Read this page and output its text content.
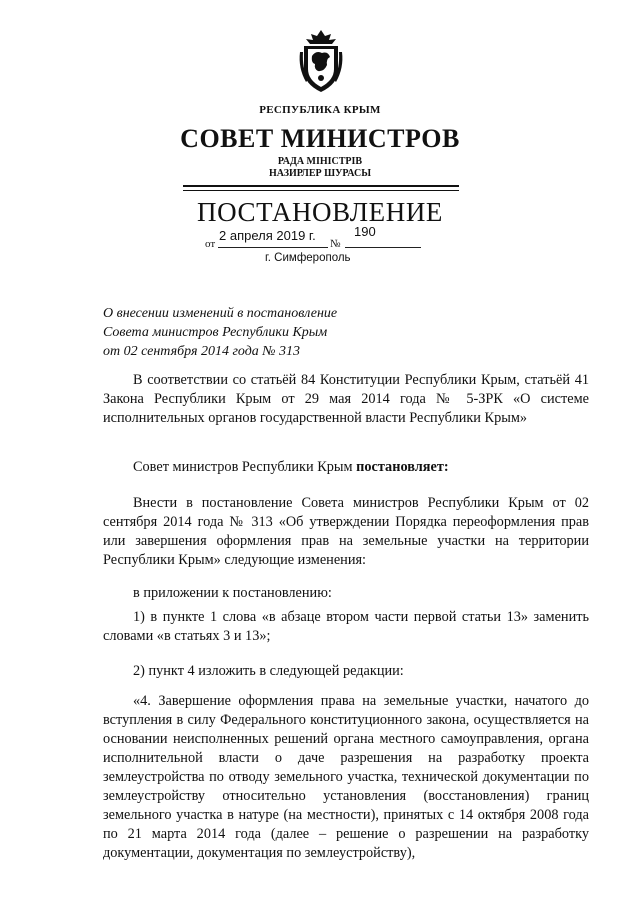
РЕСПУБЛИКА КРЫМ
СОВЕТ МИНИСТРОВ
РАДА МІНІСТРІВ
НАЗИРЛЕР ШУРАСЫ
ПОСТАНОВЛЕНИЕ
от
2 апреля 2019 г.
№
190
г. Симферополь
О внесении изменений в постановление
Совета министров Республики Крым
от 02 сентября 2014 года № 313
В соответствии со статьёй 84 Конституции Республики Крым, статьёй 41 Закона Республики Крым от 29 мая 2014 года № 5-ЗРК «О системе исполнительных органов государственной власти Республики Крым»
Совет министров Республики Крым постановляет:
Внести в постановление Совета министров Республики Крым от 02 сентября 2014 года № 313 «Об утверждении Порядка переоформления прав или завершения оформления прав на земельные участки на территории Республики Крым» следующие изменения:
в приложении к постановлению:
1) в пункте 1 слова «в абзаце втором части первой статьи 13» заменить словами «в статьях 3 и 13»;
2) пункт 4 изложить в следующей редакции:
«4. Завершение оформления права на земельные участки, начатого до вступления в силу Федерального конституционного закона, осуществляется на основании неисполненных решений органа местного самоуправления, органа исполнительной власти о даче разрешения на разработку проекта землеустройства по отводу земельного участка, технической документации по землеустройству относительно установления (восстановления) границ земельного участка в натуре (на местности), принятых с 14 октября 2008 года по 21 марта 2014 года (далее – решение о разрешении на разработку документации, документация по землеустройству),
